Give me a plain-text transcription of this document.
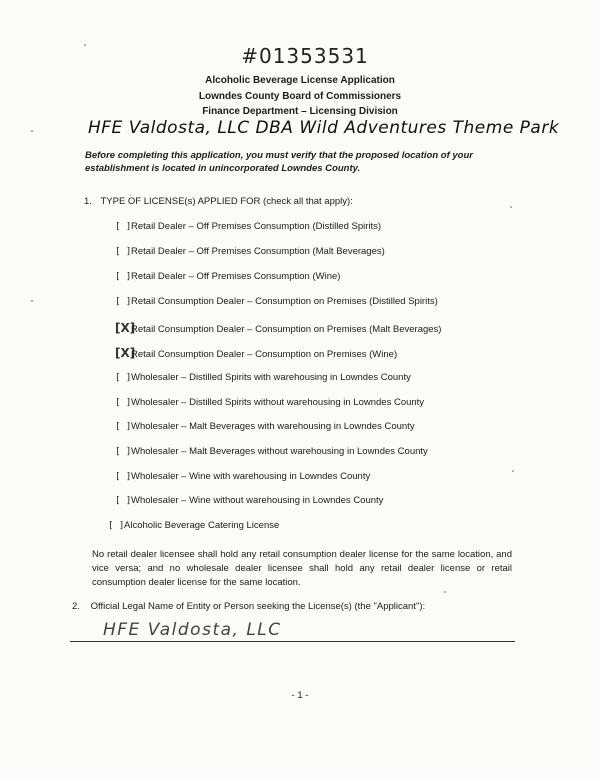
#01353531
Alcoholic Beverage License Application
Lowndes County Board of Commissioners
Finance Department – Licensing Division
HFE Valdosta, LLC DBA Wild Adventures Theme Park
Before completing this application, you must verify that the proposed location of your establishment is located in unincorporated Lowndes County.
1. TYPE OF LICENSE(s) APPLIED FOR (check all that apply):
[ ]Retail Dealer – Off Premises Consumption (Distilled Spirits)
[ ]Retail Dealer – Off Premises Consumption (Malt Beverages)
[ ]Retail Dealer – Off Premises Consumption (Wine)
[ ]Retail Consumption Dealer – Consumption on Premises (Distilled Spirits)
[X]Retail Consumption Dealer – Consumption on Premises (Malt Beverages)
[X]Retail Consumption Dealer – Consumption on Premises (Wine)
[ ]Wholesaler – Distilled Spirits with warehousing in Lowndes County
[ ]Wholesaler – Distilled Spirits without warehousing in Lowndes County
[ ]Wholesaler – Malt Beverages with warehousing in Lowndes County
[ ]Wholesaler – Malt Beverages without warehousing in Lowndes County
[ ]Wholesaler – Wine with warehousing in Lowndes County
[ ]Wholesaler – Wine without warehousing in Lowndes County
[ ]Alcoholic Beverage Catering License
No retail dealer licensee shall hold any retail consumption dealer license for the same location, and vice versa; and no wholesale dealer licensee shall hold any retail dealer license or retail consumption dealer license for the same location.
2. Official Legal Name of Entity or Person seeking the License(s) (the "Applicant"):
HFE Valdosta, LLC
- 1 -
